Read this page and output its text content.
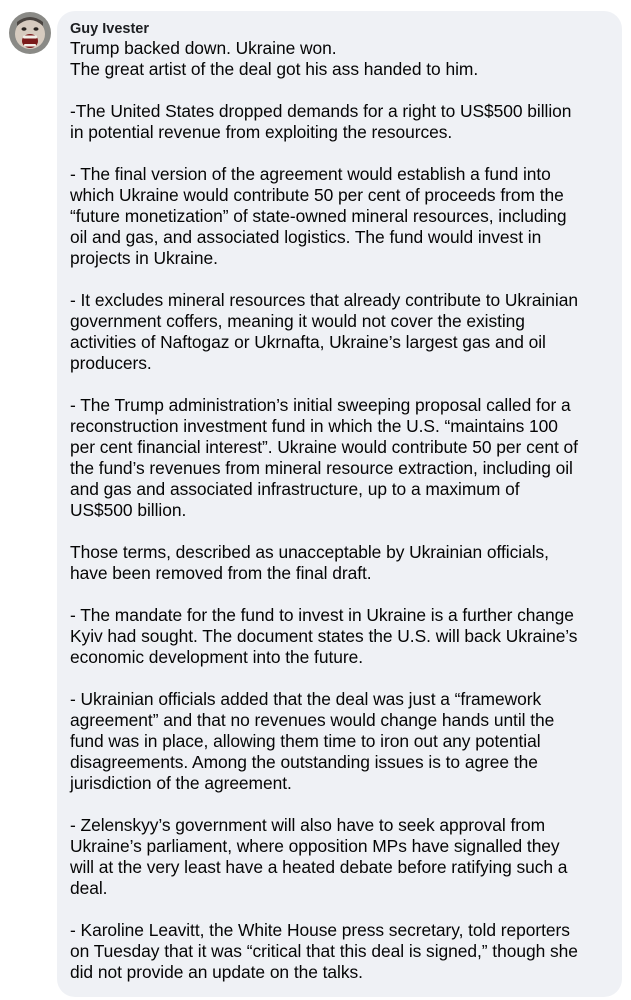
Guy Ivester

Trump backed down. Ukraine won.
The great artist of the deal got his ass handed to him.

-The United States dropped demands for a right to US$500 billion
in potential revenue from exploiting the resources.

- The final version of the agreement would establish a fund into
which Ukraine would contribute 50 per cent of proceeds from the
“future monetization” of state-owned mineral resources, including
oil and gas, and associated logistics. The fund would invest in
projects in Ukraine.

- It excludes mineral resources that already contribute to Ukrainian
government coffers, meaning it would not cover the existing
activities of Naftogaz or Ukrnafta, Ukraine’s largest gas and oil
producers.

- The Trump administration’s initial sweeping proposal called for a
reconstruction investment fund in which the U.S. “maintains 100
per cent financial interest”. Ukraine would contribute 50 per cent of
the fund’s revenues from mineral resource extraction, including oil
and gas and associated infrastructure, up to a maximum of
US$500 billion.

Those terms, described as unacceptable by Ukrainian officials,
have been removed from the final draft.

- The mandate for the fund to invest in Ukraine is a further change
Kyiv had sought. The document states the U.S. will back Ukraine’s
economic development into the future.

- Ukrainian officials added that the deal was just a “framework
agreement” and that no revenues would change hands until the
fund was in place, allowing them time to iron out any potential
disagreements. Among the outstanding issues is to agree the
jurisdiction of the agreement.

- Zelenskyy’s government will also have to seek approval from
Ukraine’s parliament, where opposition MPs have signalled they
will at the very least have a heated debate before ratifying such a
deal.

- Karoline Leavitt, the White House press secretary, told reporters
on Tuesday that it was “critical that this deal is signed,” though she
did not provide an update on the talks.
